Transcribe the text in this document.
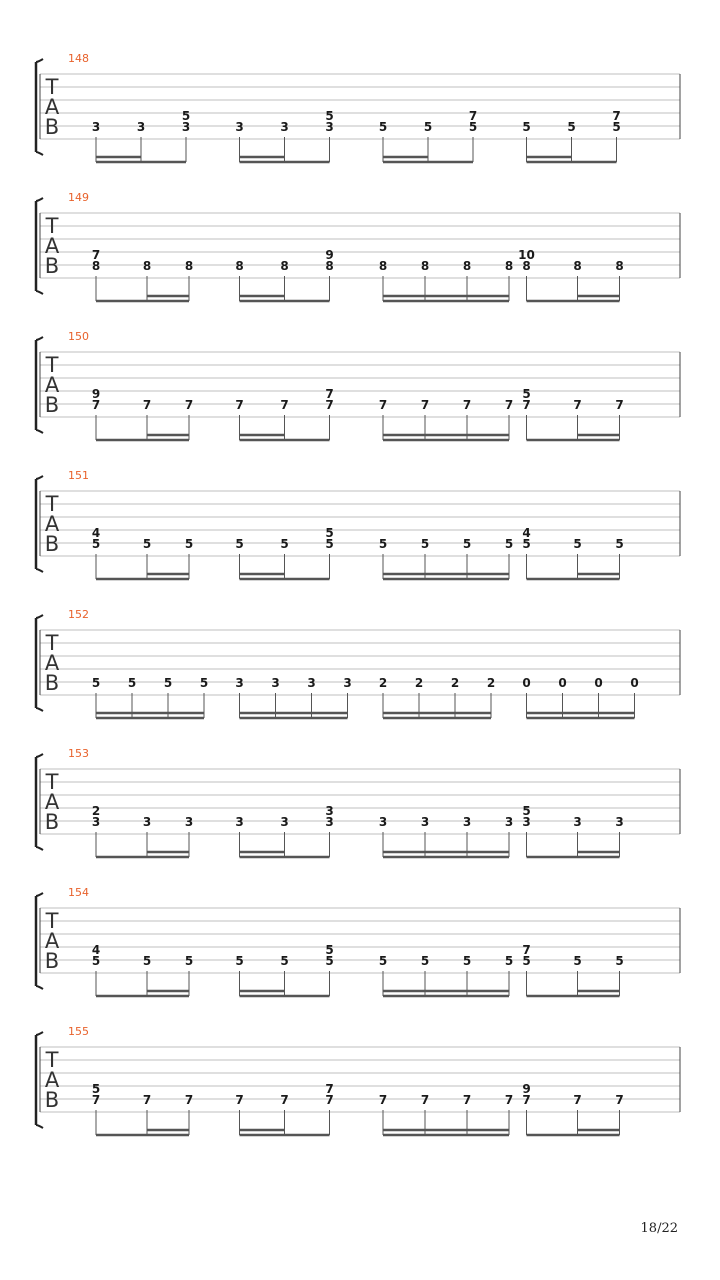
148
T
A
B	3	3
5
3	3	3
5
3	5	5
7
5	5	5
7
5
149
T
A
B	7
8	8	8	8	8
9
8	8	8	8	8
10
8	8	8
150
T
A
B	9
7	7	7	7	7
7
7	7	7	7	7
5
7	7	7
151
T
A
B	4
5	5	5	5	5
5
5	5	5	5	5
4
5	5	5
152
T
A
B	5 5 5 5 3 3 3 3 2 2 2 2 0 0 0 0
153
T
A
B	2
3	3	3	3	3
3
3	3	3	3	3
5
3	3	3
154
T
A
B	4
5	5	5	5	5
5
5	5	5	5	5
7
5	5	5
155
T
A
B	5
7	7	7	7	7
7
7	7	7	7	7
9
7	7	7
18/22
